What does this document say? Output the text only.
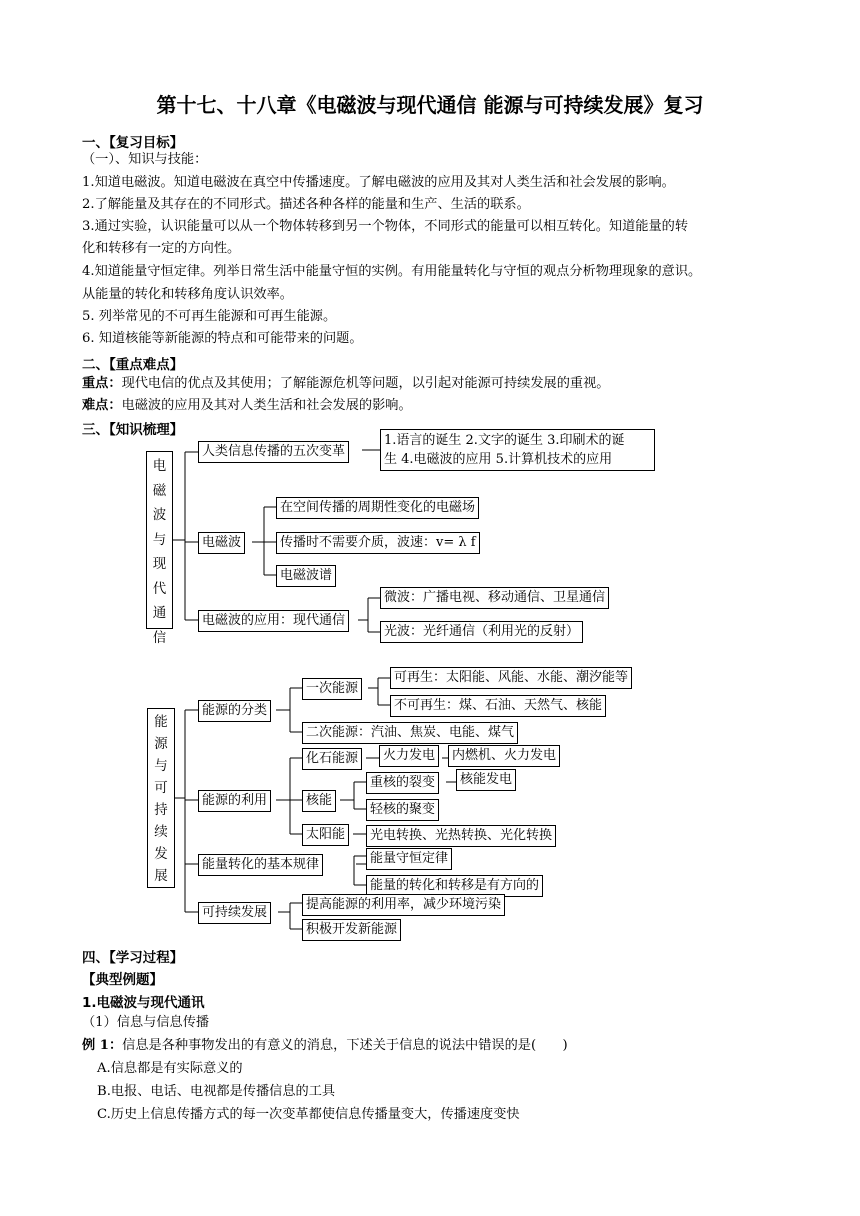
第十七、十八章《电磁波与现代通信 能源与可持续发展》复习
一、【复习目标】
（一）、知识与技能：
1.知道电磁波。知道电磁波在真空中传播速度。了解电磁波的应用及其对人类生活和社会发展的影响。
2.了解能量及其存在的不同形式。描述各种各样的能量和生产、生活的联系。
3.通过实验，认识能量可以从一个物体转移到另一个物体，不同形式的能量可以相互转化。知道能量的转
化和转移有一定的方向性。
4.知道能量守恒定律。列举日常生活中能量守恒的实例。有用能量转化与守恒的观点分析物理现象的意识。
从能量的转化和转移角度认识效率。
5. 列举常见的不可再生能源和可再生能源。
6. 知道核能等新能源的特点和可能带来的问题。
二、【重点难点】
重点：现代电信的优点及其使用；了解能源危机等问题，以引起对能源可持续发展的重视。
难点：电磁波的应用及其对人类生活和社会发展的影响。
三、【知识梳理】
电磁波与现代通信
人类信息传播的五次变革
1.语言的诞生 2.文字的诞生 3.印刷术的诞
生 4.电磁波的应用 5.计算机技术的应用
电磁波
在空间传播的周期性变化的电磁场
传播时不需要介质，波速：v= λ f
电磁波谱
电磁波的应用：现代通信
微波：广播电视、移动通信、卫星通信
光波：光纤通信（利用光的反射）
能源与可持续发展
能源的分类
一次能源
可再生：太阳能、风能、水能、潮汐能等
不可再生：煤、石油、天然气、核能
二次能源：汽油、焦炭、电能、煤气
能源的利用
化石能源	火力发电	内燃机、火力发电
核能
重核的裂变	核能发电
轻核的聚变
太阳能	光电转换、光热转换、光化转换
能量转化的基本规律	能量守恒定律
能量的转化和转移是有方向的
可持续发展
提高能源的利用率，减少环境污染
积极开发新能源
四、【学习过程】
【典型例题】
1.电磁波与现代通讯
（1）信息与信息传播
例 1：信息是各种事物发出的有意义的消息，下述关于信息的说法中错误的是(　　)
A.信息都是有实际意义的
B.电报、电话、电视都是传播信息的工具
C.历史上信息传播方式的每一次变革都使信息传播量变大，传播速度变快
